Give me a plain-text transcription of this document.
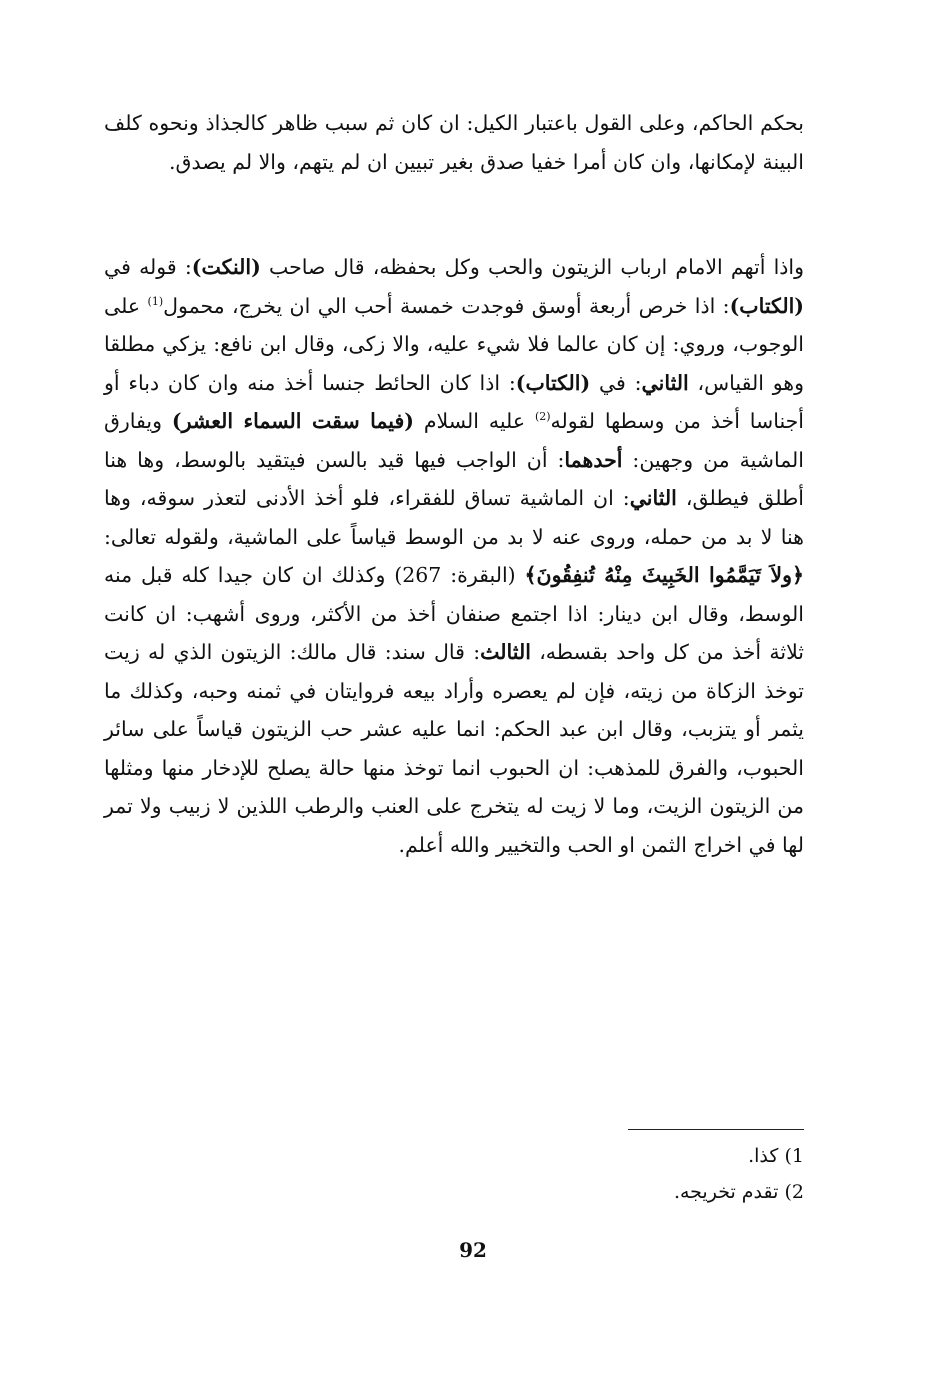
بحكم الحاكم، وعلى القول باعتبار الكيل: ان كان ثم سبب ظاهر كالجذاذ ونحوه كلف البينة لإمكانها، وان كان أمرا خفيا صدق بغير تبيين ان لم يتهم، والا لم يصدق.
واذا أتهم الامام ارباب الزيتون والحب وكل بحفظه، قال صاحب (النكت): قوله في (الكتاب): اذا خرص أربعة أوسق فوجدت خمسة أحب الي ان يخرج، محمول$^{(1)}$ على الوجوب، وروي: إن كان عالما فلا شيء عليه، والا زكى، وقال ابن نافع: يزكي مطلقا وهو القياس، الثاني: في (الكتاب): اذا كان الحائط جنسا أخذ منه وان كان دباء أو أجناسا أخذ من وسطها لقوله$^{(2)}$ عليه السلام (فيما سقت السماء العشر) ويفارق الماشية من وجهين: أحدهما: أن الواجب فيها قيد بالسن فيتقيد بالوسط، وها هنا أطلق فيطلق، الثاني: ان الماشية تساق للفقراء، فلو أخذ الأدنى لتعذر سوقه، وها هنا لا بد من حمله، وروى عنه لا بد من الوسط قياساً على الماشية، ولقوله تعالى: ﴿ولاَ تَيَمَّمُوا الخَبِيثَ مِنْهُ تُنفِقُونَ﴾ (البقرة: 267) وكذلك ان كان جيدا كله قبل منه الوسط، وقال ابن دينار: اذا اجتمع صنفان أخذ من الأكثر، وروى أشهب: ان كانت ثلاثة أخذ من كل واحد بقسطه، الثالث: قال سند: قال مالك: الزيتون الذي له زيت توخذ الزكاة من زيته، فإن لم يعصره وأراد بيعه فروايتان في ثمنه وحبه، وكذلك ما يثمر أو يتزبب، وقال ابن عبد الحكم: انما عليه عشر حب الزيتون قياساً على سائر الحبوب، والفرق للمذهب: ان الحبوب انما توخذ منها حالة يصلح للإدخار منها ومثلها من الزيتون الزيت، وما لا زيت له يتخرج على العنب والرطب اللذين لا زبيب ولا تمر لها في اخراج الثمن او الحب والتخيير والله أعلم.
1) كذا.
2) تقدم تخريجه.
92
